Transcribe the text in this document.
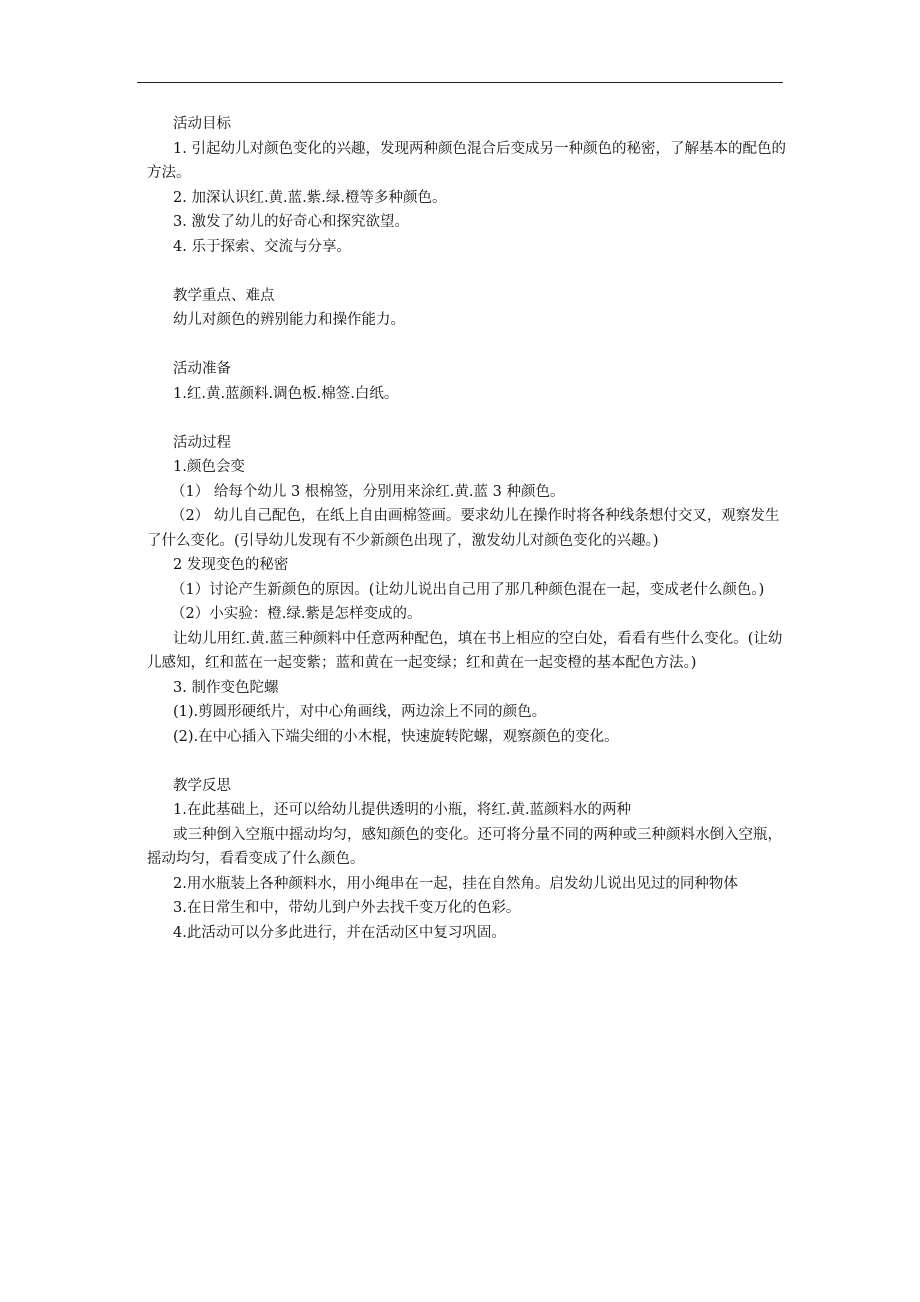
活动目标
1. 引起幼儿对颜色变化的兴趣，发现两种颜色混合后变成另一种颜色的秘密，了解基本的配色的方法。
2. 加深认识红.黄.蓝.紫.绿.橙等多种颜色。
3. 激发了幼儿的好奇心和探究欲望。
4. 乐于探索、交流与分享。
教学重点、难点
幼儿对颜色的辨别能力和操作能力。
活动准备
1.红.黄.蓝颜料.调色板.棉签.白纸。
活动过程
1.颜色会变
（1） 给每个幼儿 3 根棉签，分别用来涂红.黄.蓝 3 种颜色。
（2） 幼儿自己配色，在纸上自由画棉签画。要求幼儿在操作时将各种线条想付交叉，观察发生了什么变化。(引导幼儿发现有不少新颜色出现了，激发幼儿对颜色变化的兴趣。)
2 发现变色的秘密
（1）讨论产生新颜色的原因。(让幼儿说出自己用了那几种颜色混在一起，变成老什么颜色。)
（2）小实验：橙.绿.紫是怎样变成的。
让幼儿用红.黄.蓝三种颜料中任意两种配色，填在书上相应的空白处，看看有些什么变化。(让幼儿感知，红和蓝在一起变紫；蓝和黄在一起变绿；红和黄在一起变橙的基本配色方法。)
3. 制作变色陀螺
(1).剪圆形硬纸片，对中心角画线，两边涂上不同的颜色。
(2).在中心插入下端尖细的小木棍，快速旋转陀螺，观察颜色的变化。
教学反思
1.在此基础上，还可以给幼儿提供透明的小瓶，将红.黄.蓝颜料水的两种
或三种倒入空瓶中摇动均匀，感知颜色的变化。还可将分量不同的两种或三种颜料水倒入空瓶，摇动均匀，看看变成了什么颜色。
2.用水瓶装上各种颜料水，用小绳串在一起，挂在自然角。启发幼儿说出见过的同种物体
3.在日常生和中，带幼儿到户外去找千变万化的色彩。
4.此活动可以分多此进行，并在活动区中复习巩固。
